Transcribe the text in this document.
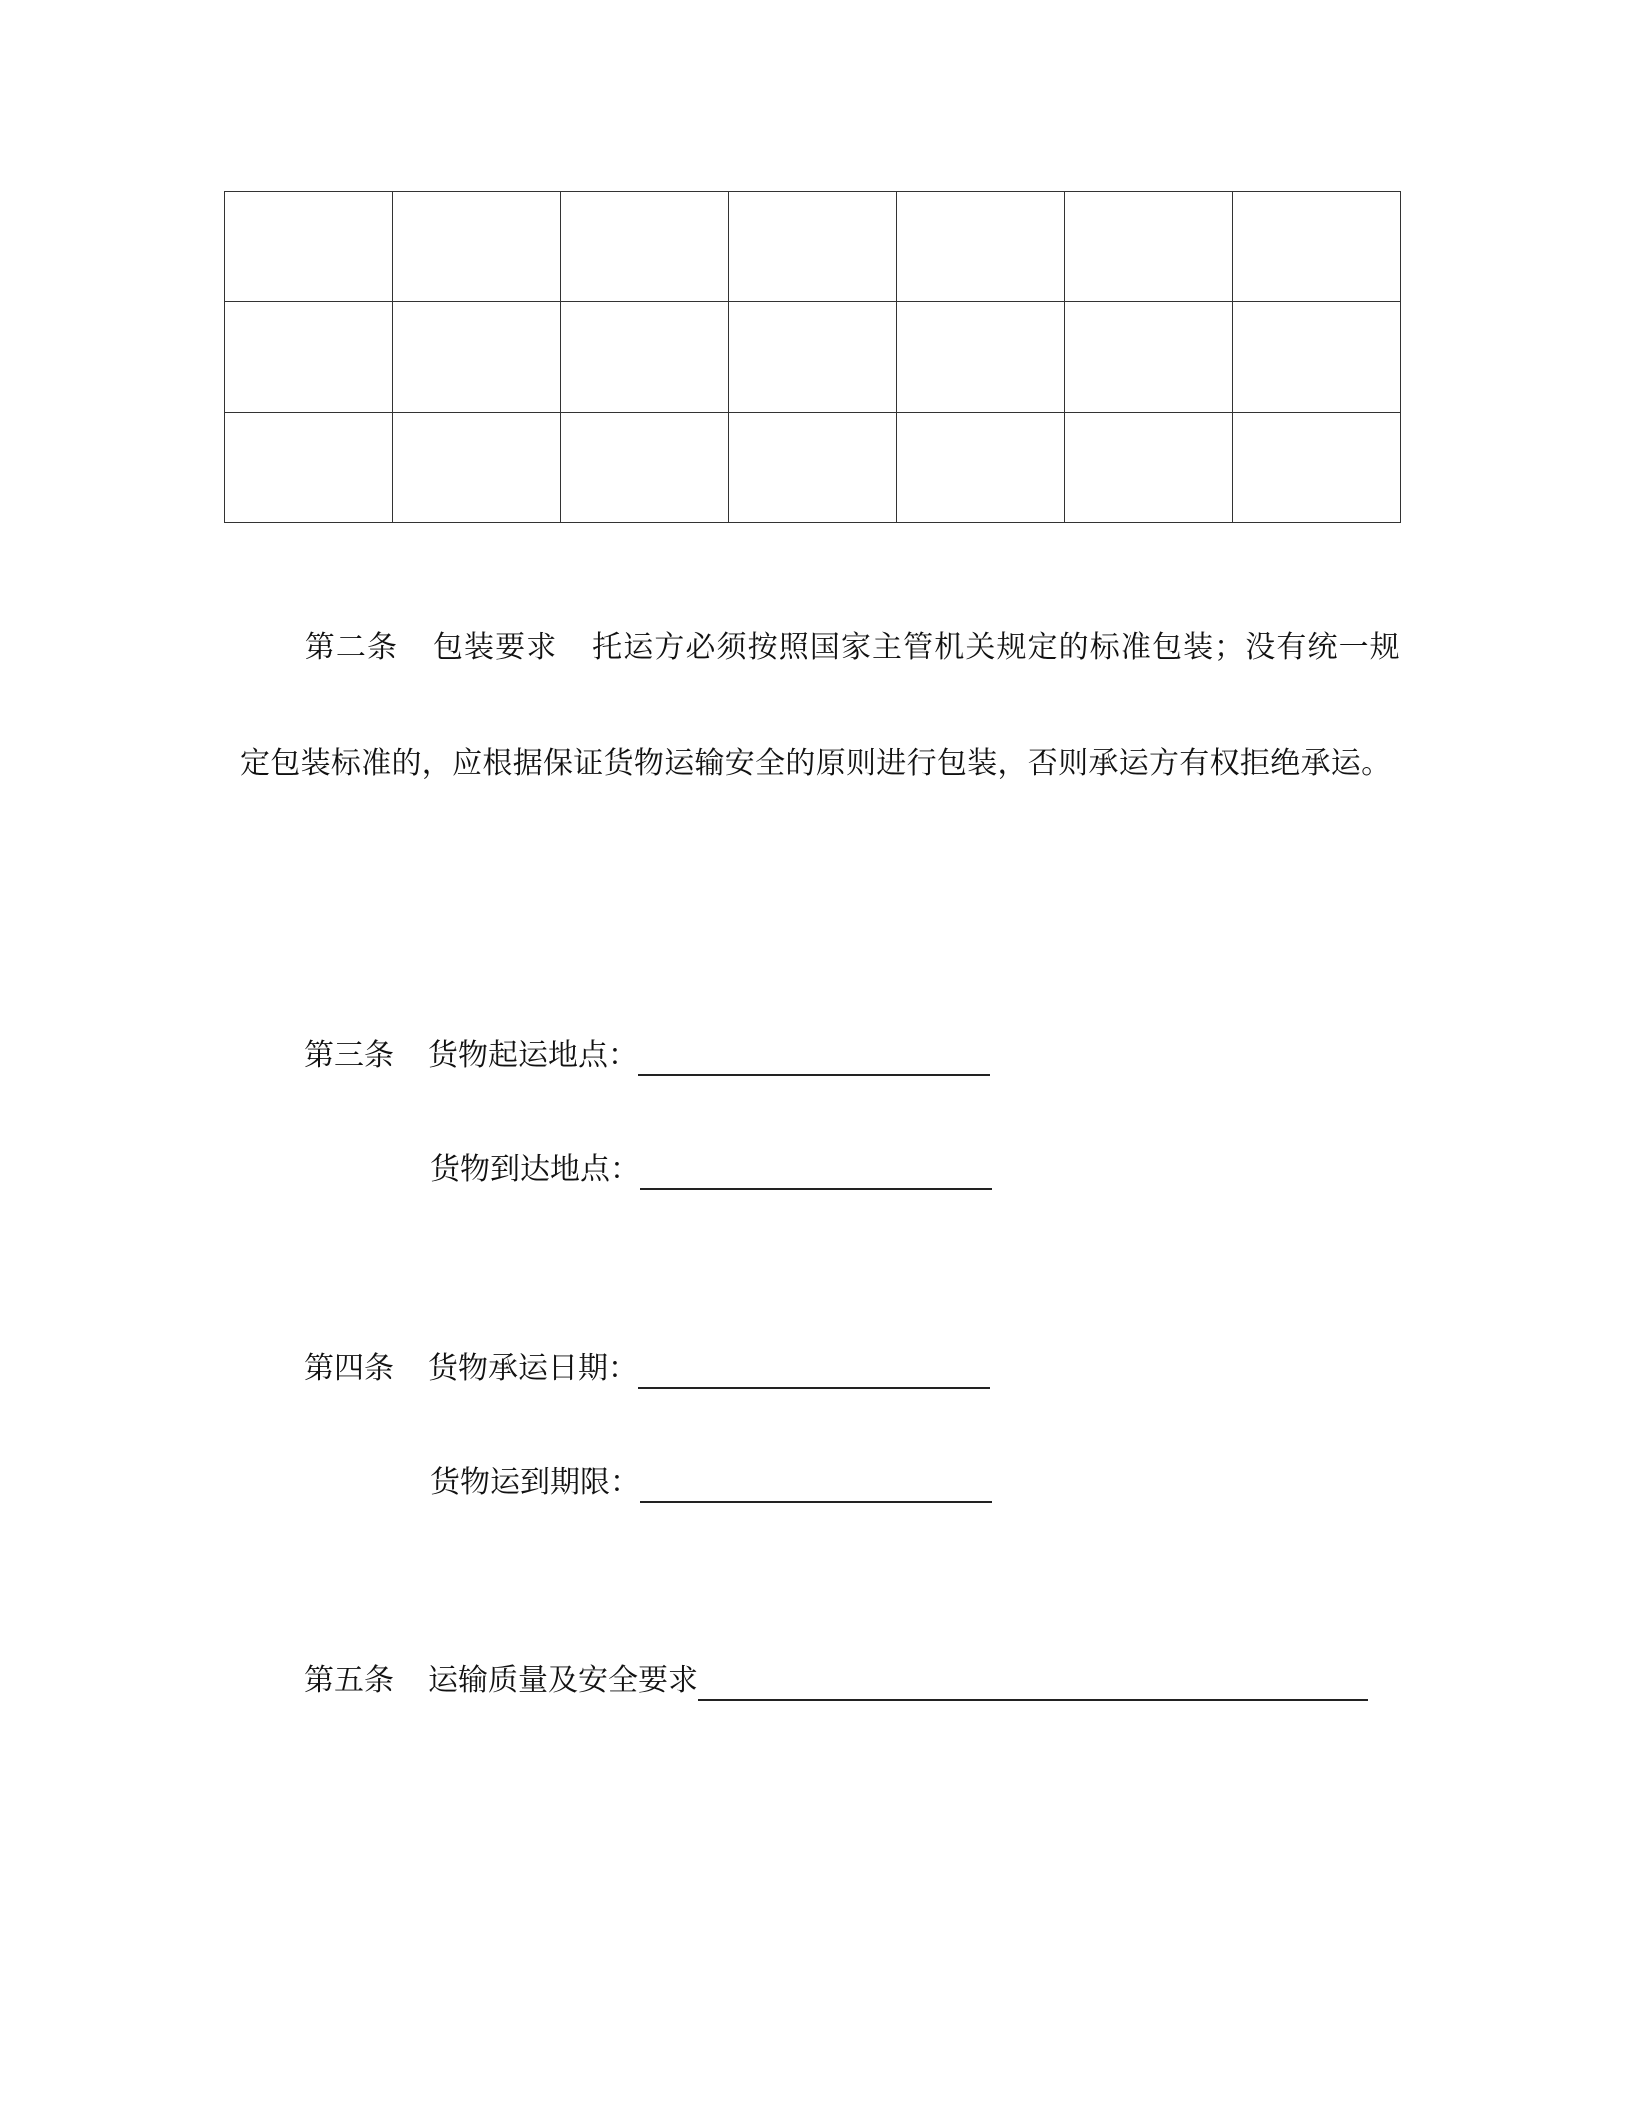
第二条 包装要求 托运方必须按照国家主管机关规定的标准包装；没有统一规定包装标准的，应根据保证货物运输安全的原则进行包装，否则承运方有权拒绝承运。
第三条 货物起运地点：
货物到达地点：
第四条 货物承运日期：
货物运到期限：
第五条 运输质量及安全要求
